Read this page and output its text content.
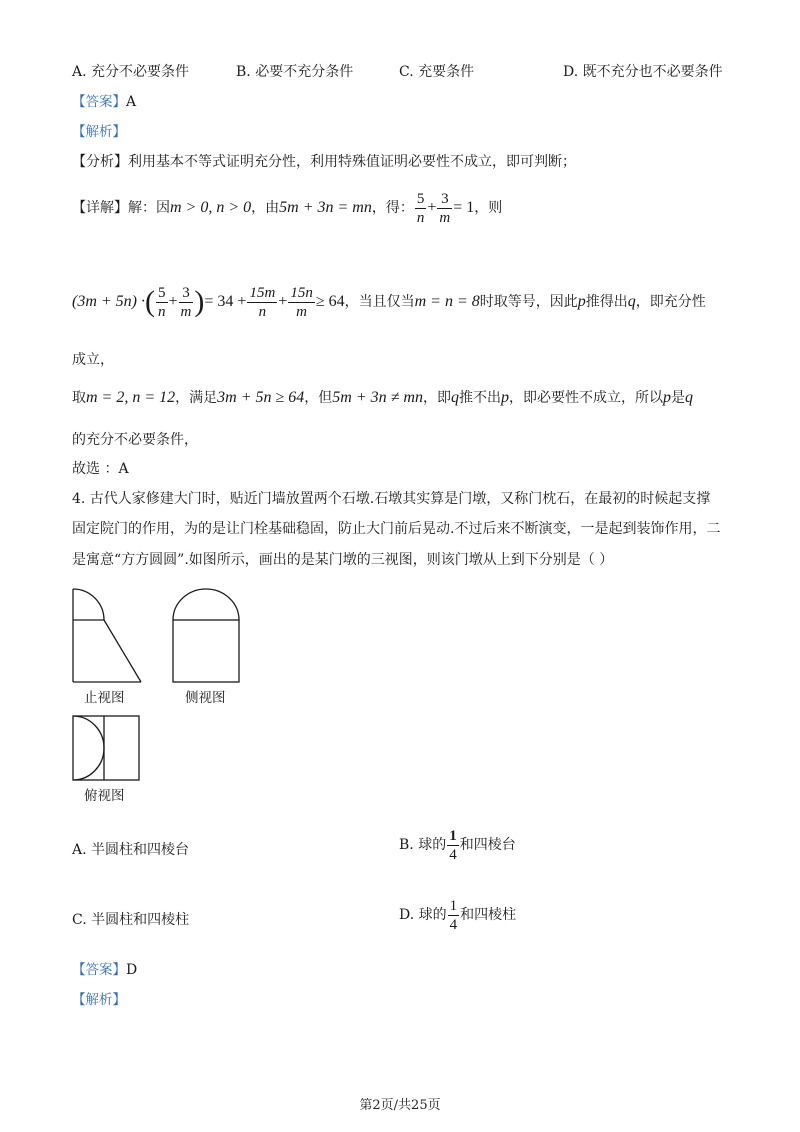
A. 充分不必要条件	B. 必要不充分条件	C. 充要条件	D. 既不充分也不必要条件
【答案】A
【解析】
【分析】利用基本不等式证明充分性，利用特殊值证明必要性不成立，即可判断；
【详解】解：因m > 0, n > 0，由5m + 3n = mn，得： $\frac{5}{n} + \frac{3}{m} = 1$，则
(3m + 5n) ·( $\frac{5}{n} + \frac{3}{m}$ )= $34 + \frac{15m}{n} + \frac{15n}{m} \ge 64$，当且仅当m = n = 8时取等号，因此p推得出q，即充分性
成立，
取m = 2, n = 12，满足3m + 5n ≥ 64，但5m + 3n ≠ mn，即q推不出p，即必要性不成立，所以p是q
的充分不必要条件，
故选 ：A
4. 古代人家修建大门时，贴近门墙放置两个石墩.石墩其实算是门墩，又称门枕石，在最初的时候起支撑
固定院门的作用，为的是让门栓基础稳固，防止大门前后晃动.不过后来不断演变，一是起到装饰作用，二
是寓意“方方圆圆”.如图所示，画出的是某门墩的三视图，则该门墩从上到下分别是（ ）
止视图	侧视图
俯视图
A. 半圆柱和四棱台	B. 球的 $\frac{1}{4}$ 和四棱台
C. 半圆柱和四棱柱	D. 球的 $\frac{1}{4}$ 和四棱柱
【答案】D
【解析】
第2页/共25页
